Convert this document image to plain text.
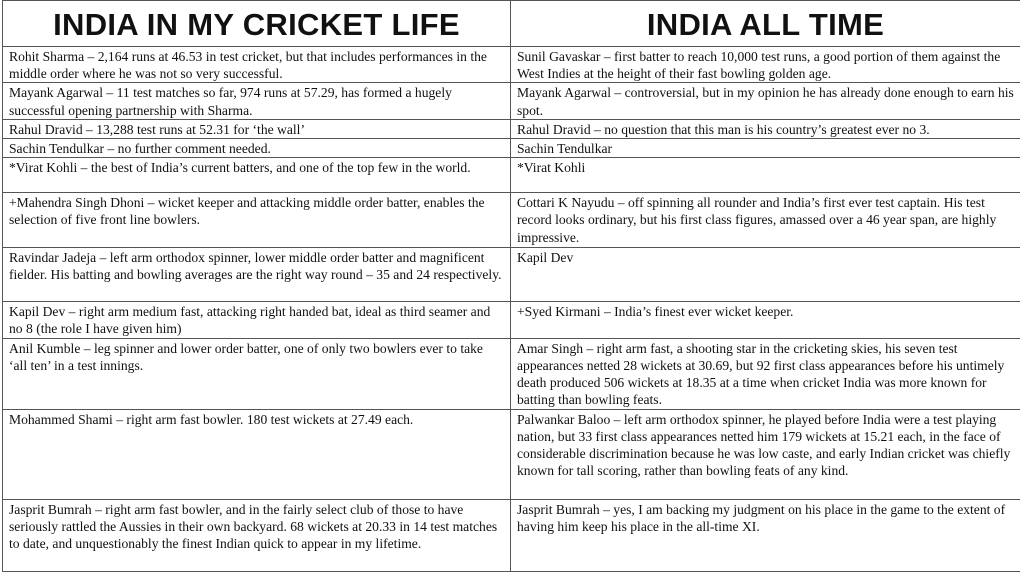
INDIA IN MY CRICKET LIFE	INDIA ALL TIME
Rohit Sharma – 2,164 runs at 46.53 in test cricket, but that includes performances in the middle order where he was not so very successful.	Sunil Gavaskar – first batter to reach 10,000 test runs, a good portion of them against the West Indies at the height of their fast bowling golden age.
Mayank Agarwal – 11 test matches so far, 974 runs at 57.29, has formed a hugely successful opening partnership with Sharma.	Mayank Agarwal – controversial, but in my opinion he has already done enough to earn his spot.
Rahul Dravid – 13,288 test runs at 52.31 for ‘the wall’	Rahul Dravid – no question that this man is his country’s greatest ever no 3.
Sachin Tendulkar – no further comment needed.	Sachin Tendulkar
*Virat Kohli – the best of India’s current batters, and one of the top few in the world.	*Virat Kohli
+Mahendra Singh Dhoni – wicket keeper and attacking middle order batter, enables the selection of five front line bowlers.	Cottari K Nayudu – off spinning all rounder and India’s first ever test captain. His test record looks ordinary, but his first class figures, amassed over a 46 year span, are highly impressive.
Ravindar Jadeja – left arm orthodox spinner, lower middle order batter and magnificent fielder. His batting and bowling averages are the right way round – 35 and 24 respectively.	Kapil Dev
Kapil Dev – right arm medium fast, attacking right handed bat, ideal as third seamer and no 8 (the role I have given him)	+Syed Kirmani – India’s finest ever wicket keeper.
Anil Kumble – leg spinner and lower order batter, one of only two bowlers ever to take ‘all ten’ in a test innings.	Amar Singh – right arm fast, a shooting star in the cricketing skies, his seven test appearances netted 28 wickets at 30.69, but 92 first class appearances before his untimely death produced 506 wickets at 18.35 at a time when cricket India was more known for batting than bowling feats.
Mohammed Shami – right arm fast bowler. 180 test wickets at 27.49 each.	Palwankar Baloo – left arm orthodox spinner, he played before India were a test playing nation, but 33 first class appearances netted him 179 wickets at 15.21 each, in the face of considerable discrimination because he was low caste, and early Indian cricket was chiefly known for tall scoring, rather than bowling feats of any kind.
Jasprit Bumrah – right arm fast bowler, and in the fairly select club of those to have seriously rattled the Aussies in their own backyard. 68 wickets at 20.33 in 14 test matches to date, and unquestionably the finest Indian quick to appear in my lifetime.	Jasprit Bumrah – yes, I am backing my judgment on his place in the game to the extent of having him keep his place in the all-time XI.
